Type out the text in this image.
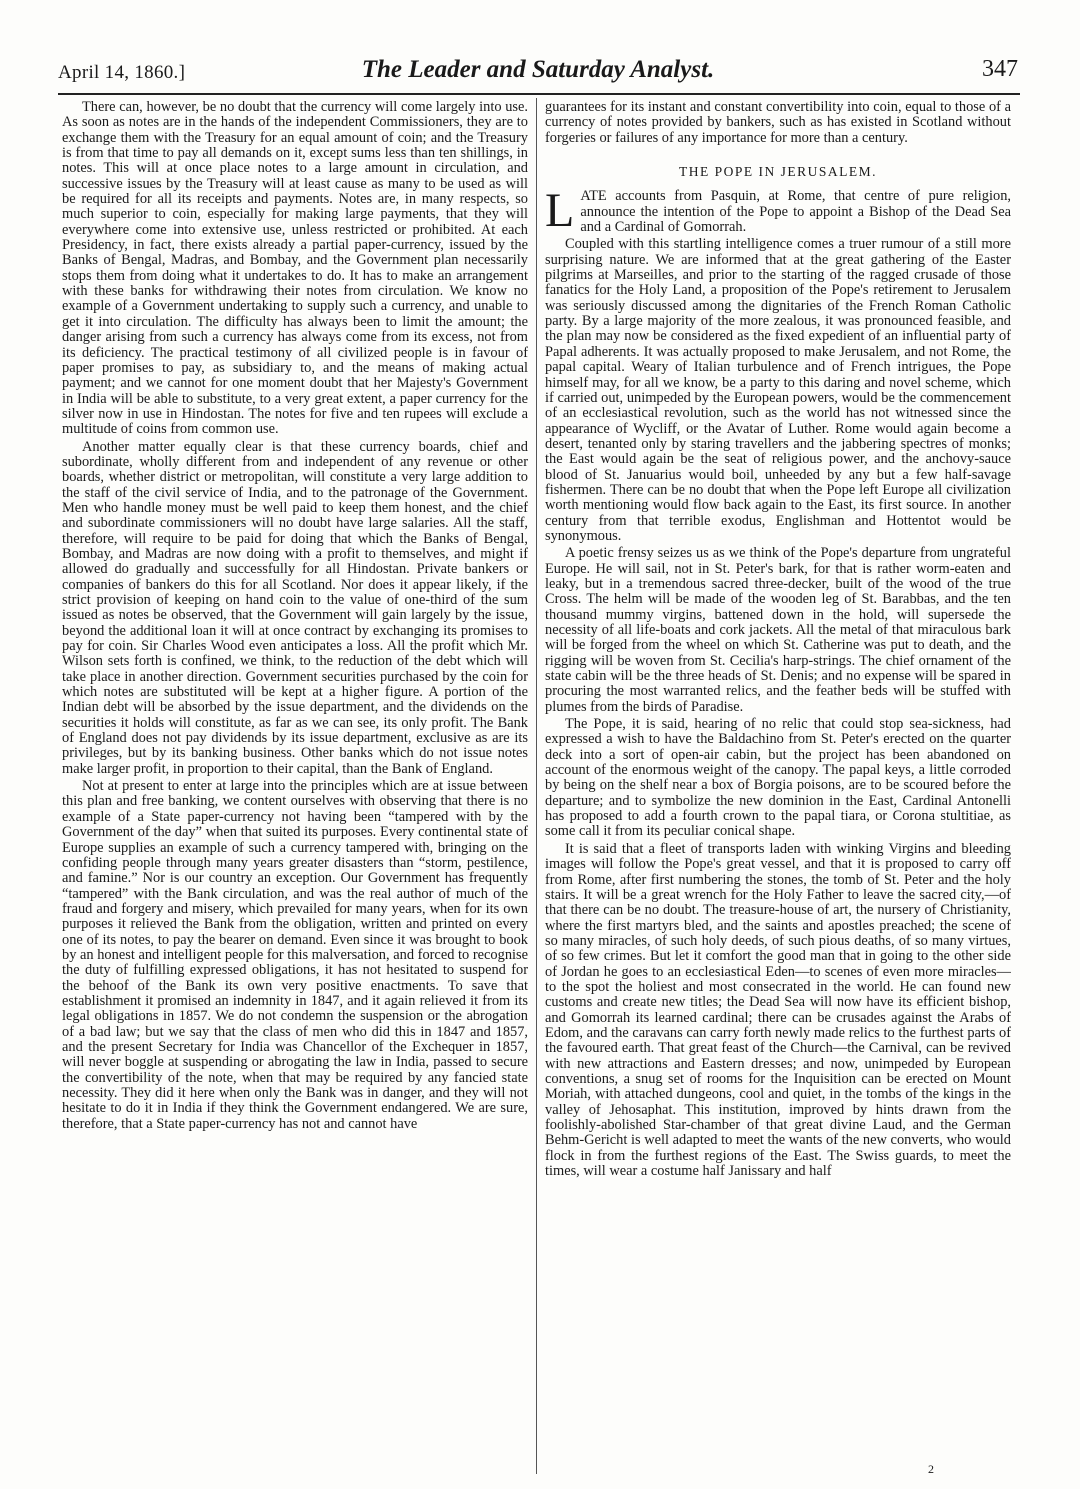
April 14, 1860.]	The Leader and Saturday Analyst.	347

There can, however, be no doubt that the currency will come largely into use. As soon as notes are in the hands of the independent Commissioners, they are to exchange them with the Treasury for an equal amount of coin; and the Treasury is from that time to pay all demands on it, except sums less than ten shillings, in notes. This will at once place notes to a large amount in circulation, and successive issues by the Treasury will at least cause as many to be used as will be required for all its receipts and payments. Notes are, in many respects, so much superior to coin, especially for making large payments, that they will everywhere come into extensive use, unless restricted or prohibited. At each Presidency, in fact, there exists already a partial paper-currency, issued by the Banks of Bengal, Madras, and Bombay, and the Government plan necessarily stops them from doing what it undertakes to do. It has to make an arrangement with these banks for withdrawing their notes from circulation. We know no example of a Government undertaking to supply such a currency, and unable to get it into circulation. The difficulty has always been to limit the amount; the danger arising from such a currency has always come from its excess, not from its deficiency. The practical testimony of all civilized people is in favour of paper promises to pay, as subsidiary to, and the means of making actual payment; and we cannot for one moment doubt that her Majesty's Government in India will be able to substitute, to a very great extent, a paper currency for the silver now in use in Hindostan. The notes for five and ten rupees will exclude a multitude of coins from common use.

Another matter equally clear is that these currency boards, chief and subordinate, wholly different from and independent of any revenue or other boards, whether district or metropolitan, will constitute a very large addition to the staff of the civil service of India, and to the patronage of the Government. Men who handle money must be well paid to keep them honest, and the chief and subordinate commissioners will no doubt have large salaries. All the staff, therefore, will require to be paid for doing that which the Banks of Bengal, Bombay, and Madras are now doing with a profit to themselves, and might if allowed do gradually and successfully for all Hindostan. Private bankers or companies of bankers do this for all Scotland. Nor does it appear likely, if the strict provision of keeping on hand coin to the value of one-third of the sum issued as notes be observed, that the Government will gain largely by the issue, beyond the additional loan it will at once contract by exchanging its promises to pay for coin. Sir Charles Wood even anticipates a loss. All the profit which Mr. Wilson sets forth is confined, we think, to the reduction of the debt which will take place in another direction. Government securities purchased by the coin for which notes are substituted will be kept at a higher figure. A portion of the Indian debt will be absorbed by the issue department, and the dividends on the securities it holds will constitute, as far as we can see, its only profit. The Bank of England does not pay dividends by its issue department, exclusive as are its privileges, but by its banking business. Other banks which do not issue notes make larger profit, in proportion to their capital, than the Bank of England.

Not at present to enter at large into the principles which are at issue between this plan and free banking, we content ourselves with observing that there is no example of a State paper-currency not having been “tampered with by the Government of the day” when that suited its purposes. Every continental state of Europe supplies an example of such a currency tampered with, bringing on the confiding people through many years greater disasters than “storm, pestilence, and famine.” Nor is our country an exception. Our Government has frequently “tampered” with the Bank circulation, and was the real author of much of the fraud and forgery and misery, which prevailed for many years, when for its own purposes it relieved the Bank from the obligation, written and printed on every one of its notes, to pay the bearer on demand. Even since it was brought to book by an honest and intelligent people for this malversation, and forced to recognise the duty of fulfilling expressed obligations, it has not hesitated to suspend for the behoof of the Bank its own very positive enactments. To save that establishment it promised an indemnity in 1847, and it again relieved it from its legal obligations in 1857. We do not condemn the suspension or the abrogation of a bad law; but we say that the class of men who did this in 1847 and 1857, and the present Secretary for India was Chancellor of the Exchequer in 1857, will never boggle at suspending or abrogating the law in India, passed to secure the convertibility of the note, when that may be required by any fancied state necessity. They did it here when only the Bank was in danger, and they will not hesitate to do it in India if they think the Government endangered. We are sure, therefore, that a State paper-currency has not and cannot have

guarantees for its instant and constant convertibility into coin, equal to those of a currency of notes provided by bankers, such as has existed in Scotland without forgeries or failures of any importance for more than a century.

THE POPE IN JERUSALEM.

LATE accounts from Pasquin, at Rome, that centre of pure religion, announce the intention of the Pope to appoint a Bishop of the Dead Sea and a Cardinal of Gomorrah.

Coupled with this startling intelligence comes a truer rumour of a still more surprising nature. We are informed that at the great gathering of the Easter pilgrims at Marseilles, and prior to the starting of the ragged crusade of those fanatics for the Holy Land, a proposition of the Pope's retirement to Jerusalem was seriously discussed among the dignitaries of the French Roman Catholic party. By a large majority of the more zealous, it was pronounced feasible, and the plan may now be considered as the fixed expedient of an influential party of Papal adherents. It was actually proposed to make Jerusalem, and not Rome, the papal capital. Weary of Italian turbulence and of French intrigues, the Pope himself may, for all we know, be a party to this daring and novel scheme, which if carried out, unimpeded by the European powers, would be the commencement of an ecclesiastical revolution, such as the world has not witnessed since the appearance of Wycliff, or the Avatar of Luther. Rome would again become a desert, tenanted only by staring travellers and the jabbering spectres of monks; the East would again be the seat of religious power, and the anchovy-sauce blood of St. Januarius would boil, unheeded by any but a few half-savage fishermen. There can be no doubt that when the Pope left Europe all civilization worth mentioning would flow back again to the East, its first source. In another century from that terrible exodus, Englishman and Hottentot would be synonymous.

A poetic frensy seizes us as we think of the Pope's departure from ungrateful Europe. He will sail, not in St. Peter's bark, for that is rather worm-eaten and leaky, but in a tremendous sacred three-decker, built of the wood of the true Cross. The helm will be made of the wooden leg of St. Barabbas, and the ten thousand mummy virgins, battened down in the hold, will supersede the necessity of all life-boats and cork jackets. All the metal of that miraculous bark will be forged from the wheel on which St. Catherine was put to death, and the rigging will be woven from St. Cecilia's harp-strings. The chief ornament of the state cabin will be the three heads of St. Denis; and no expense will be spared in procuring the most warranted relics, and the feather beds will be stuffed with plumes from the birds of Paradise.

The Pope, it is said, hearing of no relic that could stop sea-sickness, had expressed a wish to have the Baldachino from St. Peter's erected on the quarter deck into a sort of open-air cabin, but the project has been abandoned on account of the enormous weight of the canopy. The papal keys, a little corroded by being on the shelf near a box of Borgia poisons, are to be scoured before the departure; and to symbolize the new dominion in the East, Cardinal Antonelli has proposed to add a fourth crown to the papal tiara, or Corona stultitiae, as some call it from its peculiar conical shape.

It is said that a fleet of transports laden with winking Virgins and bleeding images will follow the Pope's great vessel, and that it is proposed to carry off from Rome, after first numbering the stones, the tomb of St. Peter and the holy stairs. It will be a great wrench for the Holy Father to leave the sacred city,—of that there can be no doubt. The treasure-house of art, the nursery of Christianity, where the first martyrs bled, and the saints and apostles preached; the scene of so many miracles, of such holy deeds, of such pious deaths, of so many virtues, of so few crimes. But let it comfort the good man that in going to the other side of Jordan he goes to an ecclesiastical Eden—to scenes of even more miracles—to the spot the holiest and most consecrated in the world. He can found new customs and create new titles; the Dead Sea will now have its efficient bishop, and Gomorrah its learned cardinal; there can be crusades against the Arabs of Edom, and the caravans can carry forth newly made relics to the furthest parts of the favoured earth. That great feast of the Church—the Carnival, can be revived with new attractions and Eastern dresses; and now, unimpeded by European conventions, a snug set of rooms for the Inquisition can be erected on Mount Moriah, with attached dungeons, cool and quiet, in the tombs of the kings in the valley of Jehosaphat. This institution, improved by hints drawn from the foolishly-abolished Star-chamber of that great divine Laud, and the German Behm-Gericht is well adapted to meet the wants of the new converts, who would flock in from the furthest regions of the East. The Swiss guards, to meet the times, will wear a costume half Janissary and half

2
